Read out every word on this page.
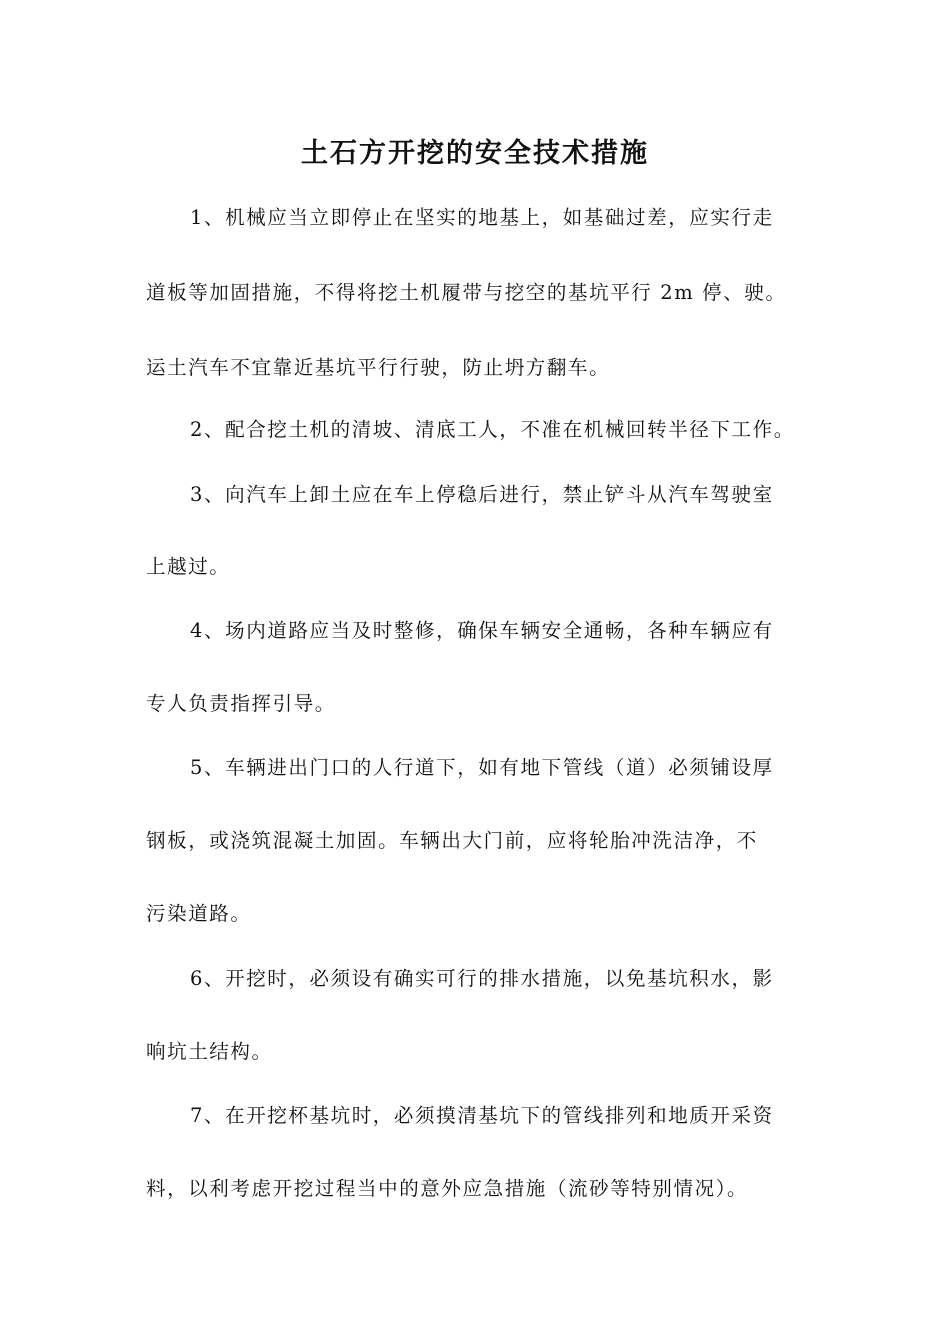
土石方开挖的安全技术措施
1、机械应当立即停止在坚实的地基上，如基础过差，应实行走
道板等加固措施，不得将挖土机履带与挖空的基坑平行 2m 停、驶。
运土汽车不宜靠近基坑平行行驶，防止坍方翻车。
2、配合挖土机的清坡、清底工人，不准在机械回转半径下工作。
3、向汽车上卸土应在车上停稳后进行，禁止铲斗从汽车驾驶室
上越过。
4、场内道路应当及时整修，确保车辆安全通畅，各种车辆应有
专人负责指挥引导。
5、车辆进出门口的人行道下，如有地下管线（道）必须铺设厚
钢板，或浇筑混凝土加固。车辆出大门前，应将轮胎冲洗洁净，不
污染道路。
6、开挖时，必须设有确实可行的排水措施，以免基坑积水，影
响坑土结构。
7、在开挖杯基坑时，必须摸清基坑下的管线排列和地质开采资
料，以利考虑开挖过程当中的意外应急措施（流砂等特别情况）。
